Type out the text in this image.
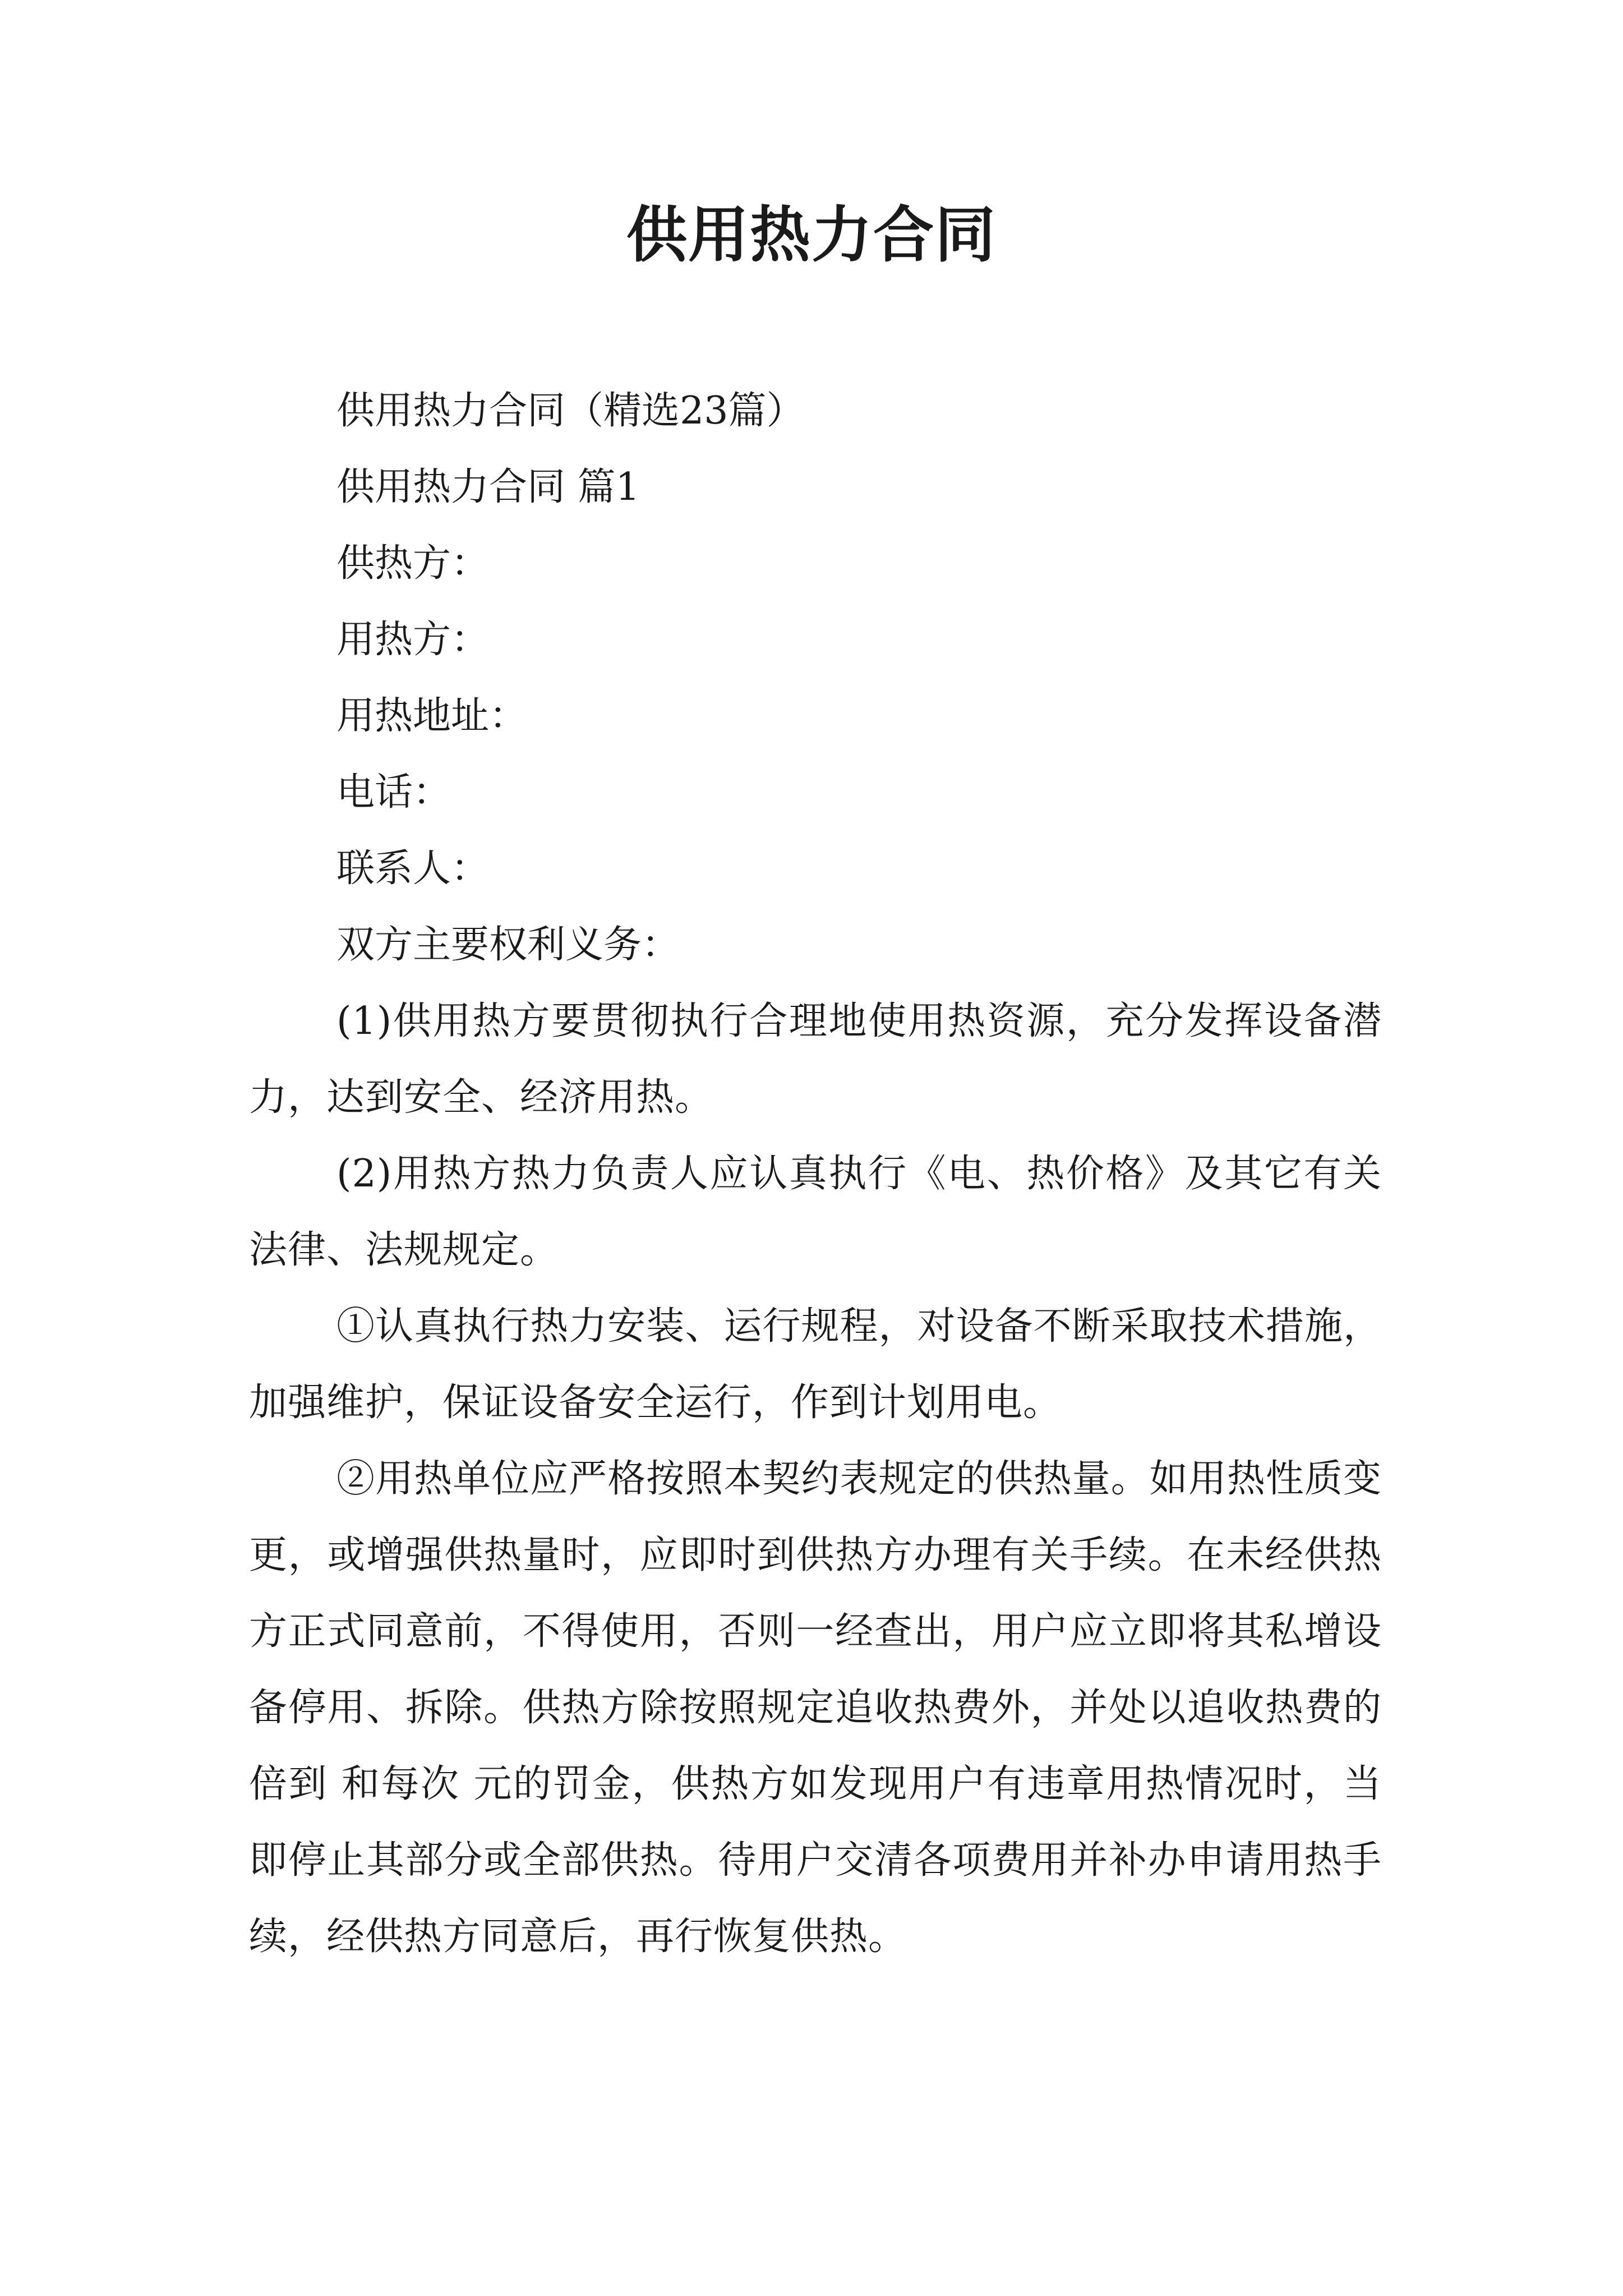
供用热力合同

供用热力合同（精选23篇）

供用热力合同 篇1

供热方：

用热方：

用热地址：

电话：

联系人：

双方主要权利义务：

(1)供用热方要贯彻执行合理地使用热资源，充分发挥设备潜力，达到安全、经济用热。

(2)用热方热力负责人应认真执行《电、热价格》及其它有关法律、法规规定。

①认真执行热力安装、运行规程，对设备不断采取技术措施，加强维护，保证设备安全运行，作到计划用电。

②用热单位应严格按照本契约表规定的供热量。如用热性质变更，或增强供热量时，应即时到供热方办理有关手续。在未经供热方正式同意前，不得使用，否则一经查出，用户应立即将其私增设备停用、拆除。供热方除按照规定追收热费外，并处以追收热费的 倍到 和每次 元的罚金，供热方如发现用户有违章用热情况时，当即停止其部分或全部供热。待用户交清各项费用并补办申请用热手续，经供热方同意后，再行恢复供热。
